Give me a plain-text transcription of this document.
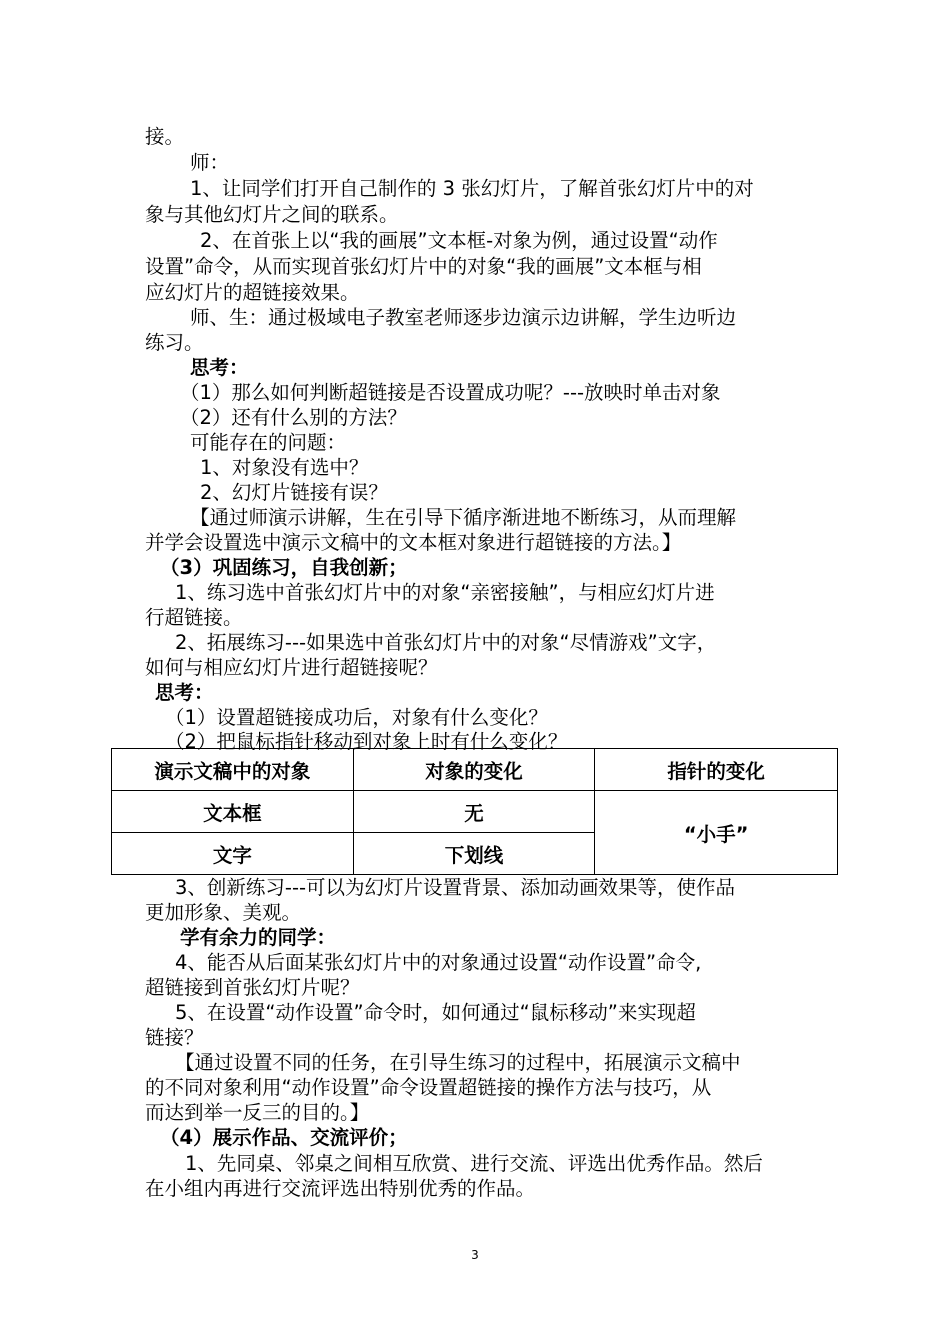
接。
师：
1、让同学们打开自己制作的 3 张幻灯片，了解首张幻灯片中的对
象与其他幻灯片之间的联系。
2、在首张上以“我的画展”文本框-对象为例，通过设置“动作
设置”命令，从而实现首张幻灯片中的对象“我的画展”文本框与相
应幻灯片的超链接效果。
师、生：通过极域电子教室老师逐步边演示边讲解，学生边听边
练习。
思考：
（1）那么如何判断超链接是否设置成功呢？---放映时单击对象
（2）还有什么别的方法？
可能存在的问题：
1、对象没有选中？
2、幻灯片链接有误？
【通过师演示讲解，生在引导下循序渐进地不断练习，从而理解
并学会设置选中演示文稿中的文本框对象进行超链接的方法。】
（3）巩固练习，自我创新；
1、练习选中首张幻灯片中的对象“亲密接触”，与相应幻灯片进
行超链接。
2、拓展练习---如果选中首张幻灯片中的对象“尽情游戏”文字，
如何与相应幻灯片进行超链接呢？
思考：
（1）设置超链接成功后，对象有什么变化？
（2）把鼠标指针移动到对象上时有什么变化？
演示文稿中的对象	对象的变化	指针的变化
文本框	无	“小手”
文字	下划线	
3、创新练习---可以为幻灯片设置背景、添加动画效果等，使作品
更加形象、美观。
学有余力的同学：
4、能否从后面某张幻灯片中的对象通过设置“动作设置”命令,
超链接到首张幻灯片呢？
5、在设置“动作设置”命令时，如何通过“鼠标移动”来实现超
链接？
【通过设置不同的任务，在引导生练习的过程中，拓展演示文稿中
的不同对象利用“动作设置”命令设置超链接的操作方法与技巧，从
而达到举一反三的目的。】
（4）展示作品、交流评价；
1、先同桌、邻桌之间相互欣赏、进行交流、评选出优秀作品。然后
在小组内再进行交流评选出特别优秀的作品。
3
